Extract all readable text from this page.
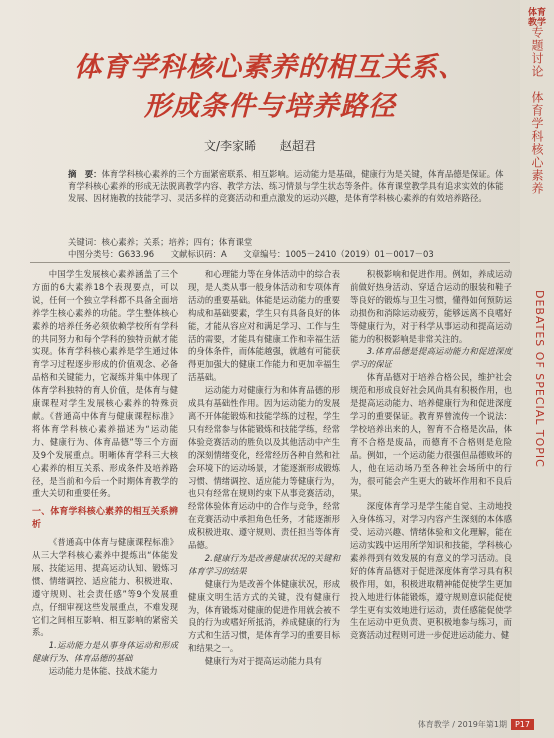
体育教学
专题讨论　体育学科核心素养
DEBATES OF SPECIAL TOPIC
体育学科核心素养的相互关系、
形成条件与培养路径
文/李家睎 赵超君
摘　要：体育学科核心素养的三个方面紧密联系、相互影响。运动能力是基础，健康行为是关键，体育品德是保证。体育学科核心素养的形成无法脱离教学内容、教学方法、练习情景与学生状态等条件。体育课堂教学具有追求实效的体能发展、因材施教的技能学习、灵活多样的竞赛活动和重点激发的运动兴趣，是体育学科核心素养的有效培养路径。
关键词：核心素养；关系；培养；四有；体育课堂
中图分类号：G633.96 文献标识码：A 文章编号：1005－2410（2019）01－0017－03

中国学生发展核心素养涵盖了三个方面的6大素养18个表现要点，可以说，任何一个独立学科都不具备全面培养学生核心素养的功能。学生整体核心素养的培养任务必须依赖学校所有学科的共同努力和每个学科的独特贡献才能实现。体育学科核心素养是学生通过体育学习过程逐步形成的价值观念、必备品格和关键能力，它凝练并集中体现了体育学科独特的育人价值，是体育与健康课程对学生发展核心素养的特殊贡献。《普通高中体育与健康课程标准》将体育学科核心素养描述为“运动能力、健康行为、体育品德”等三个方面及9个发展重点。明晰体育学科三大核心素养的相互关系、形成条件及培养路径，是当前和今后一个时期体育教学的重大关切和重要任务。

一、体育学科核心素养的相互关系辨析

《普通高中体育与健康课程标准》从三大学科核心素养中提炼出“体能发展、技能运用、提高运动认知、锻炼习惯、情绪调控、适应能力、积极进取、遵守规则、社会责任感”等9个发展重点，仔细审视这些发展重点，不难发现它们之间相互影响、相互影响的紧密关系。

1.运动能力是从事身体运动和形成健康行为、体育品德的基础

运动能力是体能、技战术能力

和心理能力等在身体活动中的综合表现，是人类从事一般身体活动和专项体育活动的重要基础。体能是运动能力的重要构成和基础要素，学生只有具备良好的体能，才能从容应对和满足学习、工作与生活的需要，才能具有健康工作和幸福生活的身体条件，而体能越强，就越有可能获得更加强大的健康工作能力和更加幸福生活基础。

运动能力对健康行为和体育品德的形成具有基础性作用。因为运动能力的发展离不开体能锻炼和技能学练的过程，学生只有经常参与体能锻炼和技能学练，经常体验竞赛活动的胜负以及其他活动中产生的深刻情绪变化，经常经历各种自然和社会环境下的运动场景，才能逐渐形成锻炼习惯、情绪调控、适应能力等健康行为，也只有经常在规则约束下从事竞赛活动，经常体验体育运动中的合作与竞争，经常在竞赛活动中承担角色任务，才能逐渐形成积极进取、遵守规则、责任担当等体育品德。

2.健康行为是改善健康状况的关键和体育学习的结果

健康行为是改善个体健康状况，形成健康文明生活方式的关键，没有健康行为，体育锻炼对健康的促进作用就会被不良的行为或嗜好所抵消，养成健康的行为方式和生活习惯，是体育学习的重要目标和结果之一。

健康行为对于提高运动能力具有

积极影响和促进作用。例如，养成运动前做好热身活动、穿适合运动的服装和鞋子等良好的锻炼与卫生习惯，懂得如何预防运动损伤和消除运动疲劳，能够远离不良嗜好等健康行为，对于科学从事运动和提高运动能力的积极影响是非常关注的。

3.体育品德是提高运动能力和促进深度学习的保证

体育品德对于培养合格公民，维护社会规范和形成良好社会风尚具有积极作用，也是提高运动能力、培养健康行为和促进深度学习的重要保证。教育界曾流传一个说法：学校培养出来的人，智育不合格是次品，体育不合格是废品，而德育不合格则是危险品。例如，一个运动能力很强但品德败坏的人，他在运动场乃至各种社会场所中的行为，很可能会产生更大的破坏作用和不良后果。

深度体育学习是学生能自觉、主动地投入身体练习，对学习内容产生深刻的本体感受、运动兴趣、情绪体验和文化理解，能在运动实践中运用所学知识和技能，学科核心素养得到有效发展的有意义的学习活动。良好的体育品德对于促进深度体育学习具有积极作用，如，积极进取精神能促使学生更加投入地进行体能锻炼，遵守规则意识能促使学生更有实效地进行运动，责任感能促使学生在运动中更负责、更积极地参与练习，而竞赛活动过程则可进一步促进运动能力、健

体育教学 / 2019年第1期 P17
